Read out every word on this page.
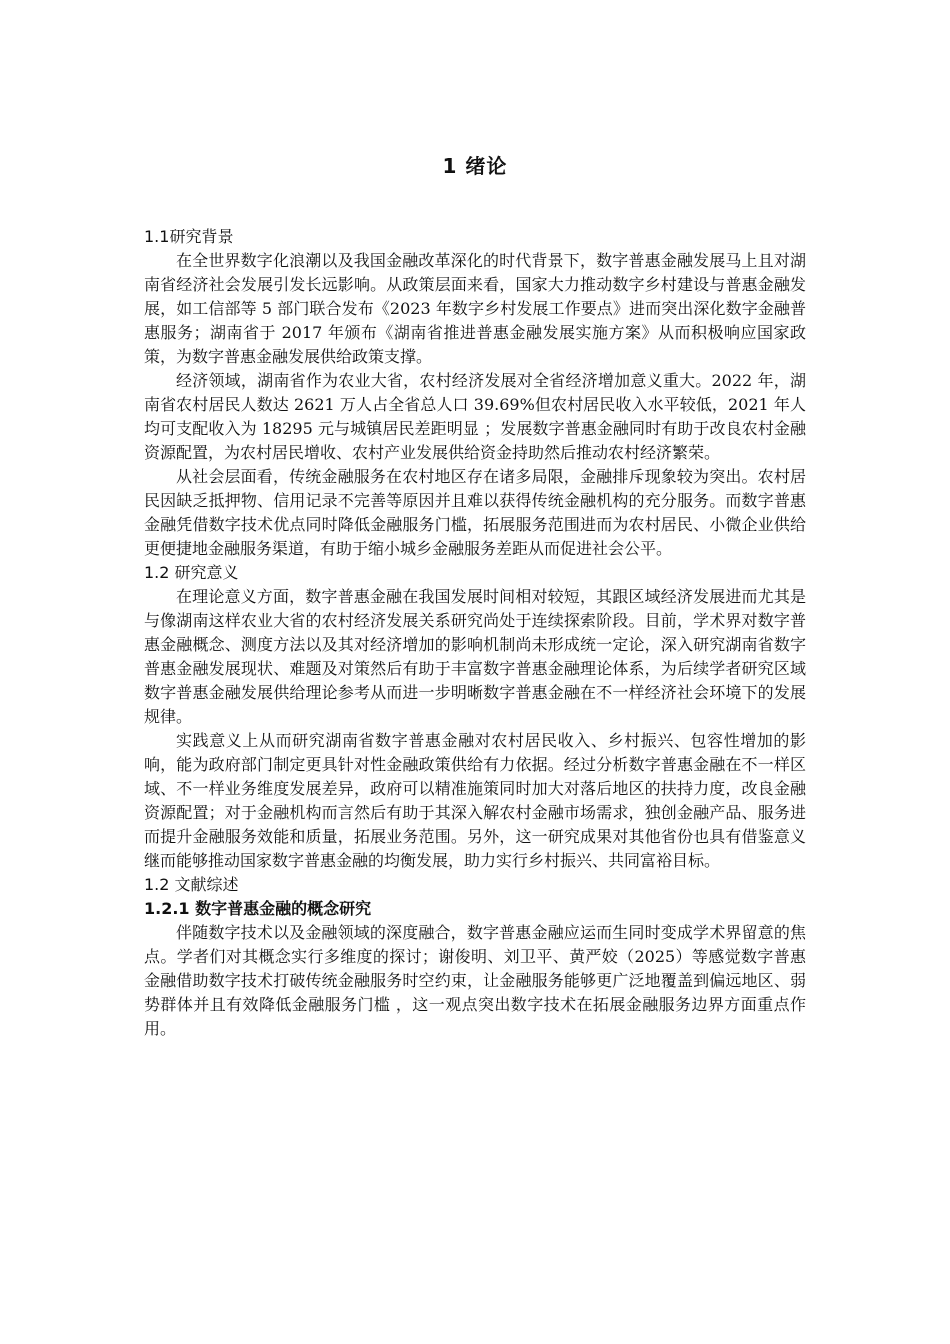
1 绪论
1.1研究背景

在全世界数字化浪潮以及我国金融改革深化的时代背景下，数字普惠金融发展马上且对湖南省经济社会发展引发长远影响。从政策层面来看，国家大力推动数字乡村建设与普惠金融发展，如工信部等 5 部门联合发布《2023 年数字乡村发展工作要点》进而突出深化数字金融普惠服务；湖南省于 2017 年颁布《湖南省推进普惠金融发展实施方案》从而积极响应国家政策，为数字普惠金融发展供给政策支撑。

经济领域，湖南省作为农业大省，农村经济发展对全省经济增加意义重大。2022 年，湖南省农村居民人数达 2621 万人占全省总人口 39.69%但农村居民收入水平较低，2021 年人均可支配收入为 18295 元与城镇居民差距明显 ；发展数字普惠金融同时有助于改良农村金融资源配置，为农村居民增收、农村产业发展供给资金持助然后推动农村经济繁荣。

从社会层面看，传统金融服务在农村地区存在诸多局限，金融排斥现象较为突出。农村居民因缺乏抵押物、信用记录不完善等原因并且难以获得传统金融机构的充分服务。而数字普惠金融凭借数字技术优点同时降低金融服务门槛，拓展服务范围进而为农村居民、小微企业供给更便捷地金融服务渠道，有助于缩小城乡金融服务差距从而促进社会公平。

1.2 研究意义

在理论意义方面，数字普惠金融在我国发展时间相对较短，其跟区域经济发展进而尤其是与像湖南这样农业大省的农村经济发展关系研究尚处于连续探索阶段。目前，学术界对数字普惠金融概念、测度方法以及其对经济增加的影响机制尚未形成统一定论，深入研究湖南省数字普惠金融发展现状、难题及对策然后有助于丰富数字普惠金融理论体系，为后续学者研究区域数字普惠金融发展供给理论参考从而进一步明晰数字普惠金融在不一样经济社会环境下的发展规律。

实践意义上从而研究湖南省数字普惠金融对农村居民收入、乡村振兴、包容性增加的影响，能为政府部门制定更具针对性金融政策供给有力依据。经过分析数字普惠金融在不一样区域、不一样业务维度发展差异，政府可以精准施策同时加大对落后地区的扶持力度，改良金融资源配置；对于金融机构而言然后有助于其深入解农村金融市场需求，独创金融产品、服务进而提升金融服务效能和质量，拓展业务范围。另外，这一研究成果对其他省份也具有借鉴意义继而能够推动国家数字普惠金融的均衡发展，助力实行乡村振兴、共同富裕目标。

1.2 文献综述
1.2.1 数字普惠金融的概念研究

伴随数字技术以及金融领域的深度融合，数字普惠金融应运而生同时变成学术界留意的焦点。学者们对其概念实行多维度的探讨；谢俊明、刘卫平、黄严姣（2025）等感觉数字普惠金融借助数字技术打破传统金融服务时空约束，让金融服务能够更广泛地覆盖到偏远地区、弱势群体并且有效降低金融服务门槛 ，这一观点突出数字技术在拓展金融服务边界方面重点作用。
